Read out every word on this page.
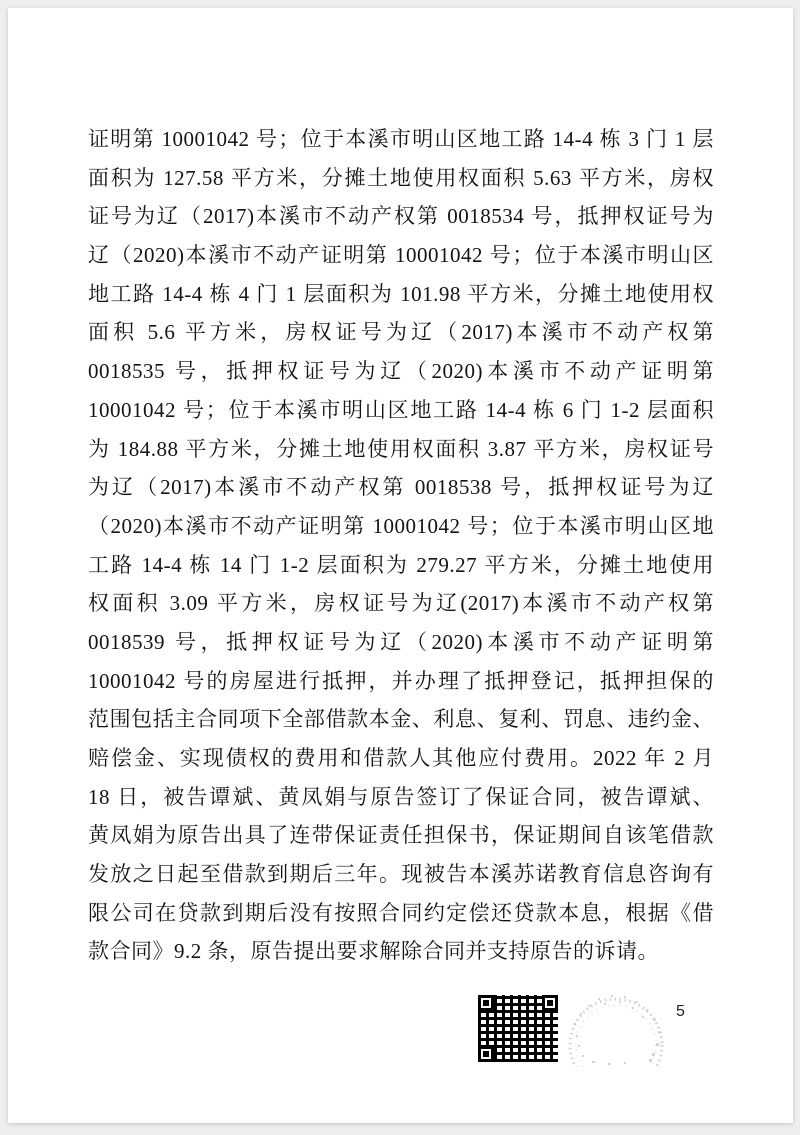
证明第 10001042 号；位于本溪市明山区地工路 14-4 栋 3 门 1 层
面积为 127.58 平方米，分摊土地使用权面积 5.63 平方米，房权
证号为辽（2017)本溪市不动产权第 0018534 号，抵押权证号为
辽（2020)本溪市不动产证明第 10001042 号；位于本溪市明山区
地工路 14-4 栋 4 门 1 层面积为 101.98 平方米，分摊土地使用权
面积 5.6 平方米，房权证号为辽（2017)本溪市不动产权第
0018535 号，抵押权证号为辽（2020)本溪市不动产证明第
10001042 号；位于本溪市明山区地工路 14-4 栋 6 门 1-2 层面积
为 184.88 平方米，分摊土地使用权面积 3.87 平方米，房权证号
为辽（2017)本溪市不动产权第 0018538 号，抵押权证号为辽
（2020)本溪市不动产证明第 10001042 号；位于本溪市明山区地
工路 14-4 栋 14 门 1-2 层面积为 279.27 平方米，分摊土地使用
权面积 3.09 平方米，房权证号为辽(2017)本溪市不动产权第
0018539 号，抵押权证号为辽（2020)本溪市不动产证明第
10001042 号的房屋进行抵押，并办理了抵押登记，抵押担保的
范围包括主合同项下全部借款本金、利息、复利、罚息、违约金、
赔偿金、实现债权的费用和借款人其他应付费用。2022 年 2 月
18 日，被告谭斌、黄凤娟与原告签订了保证合同，被告谭斌、
黄凤娟为原告出具了连带保证责任担保书，保证期间自该笔借款
发放之日起至借款到期后三年。现被告本溪苏诺教育信息咨询有
限公司在贷款到期后没有按照合同约定偿还贷款本息，根据《借
款合同》9.2 条，原告提出要求解除合同并支持原告的诉请。
5
